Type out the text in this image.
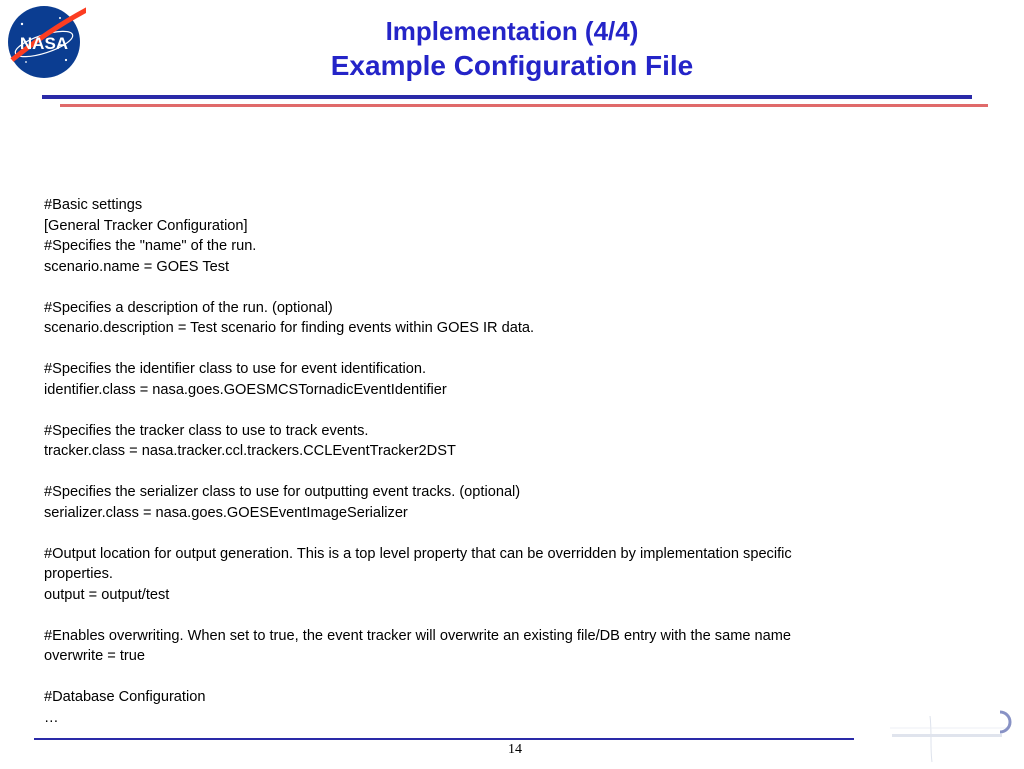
NASA	Implementation (4/4)
Example Configuration File
#Basic settings
[General Tracker Configuration]
#Specifies the "name" of the run.
scenario.name = GOES Test
#Specifies a description of the run. (optional)
scenario.description = Test scenario for finding events within GOES IR data.
#Specifies the identifier class to use for event identification.
identifier.class = nasa.goes.GOESMCSTornadicEventIdentifier
#Specifies the tracker class to use to track events.
tracker.class = nasa.tracker.ccl.trackers.CCLEventTracker2DST
#Specifies the serializer class to use for outputting event tracks. (optional)
serializer.class = nasa.goes.GOESEventImageSerializer
#Output location for output generation. This is a top level property that can be overridden by implementation specific
properties.
output = output/test
#Enables overwriting. When set to true, the event tracker will overwrite an existing file/DB entry with the same name
overwrite = true
#Database Configuration
…
14
